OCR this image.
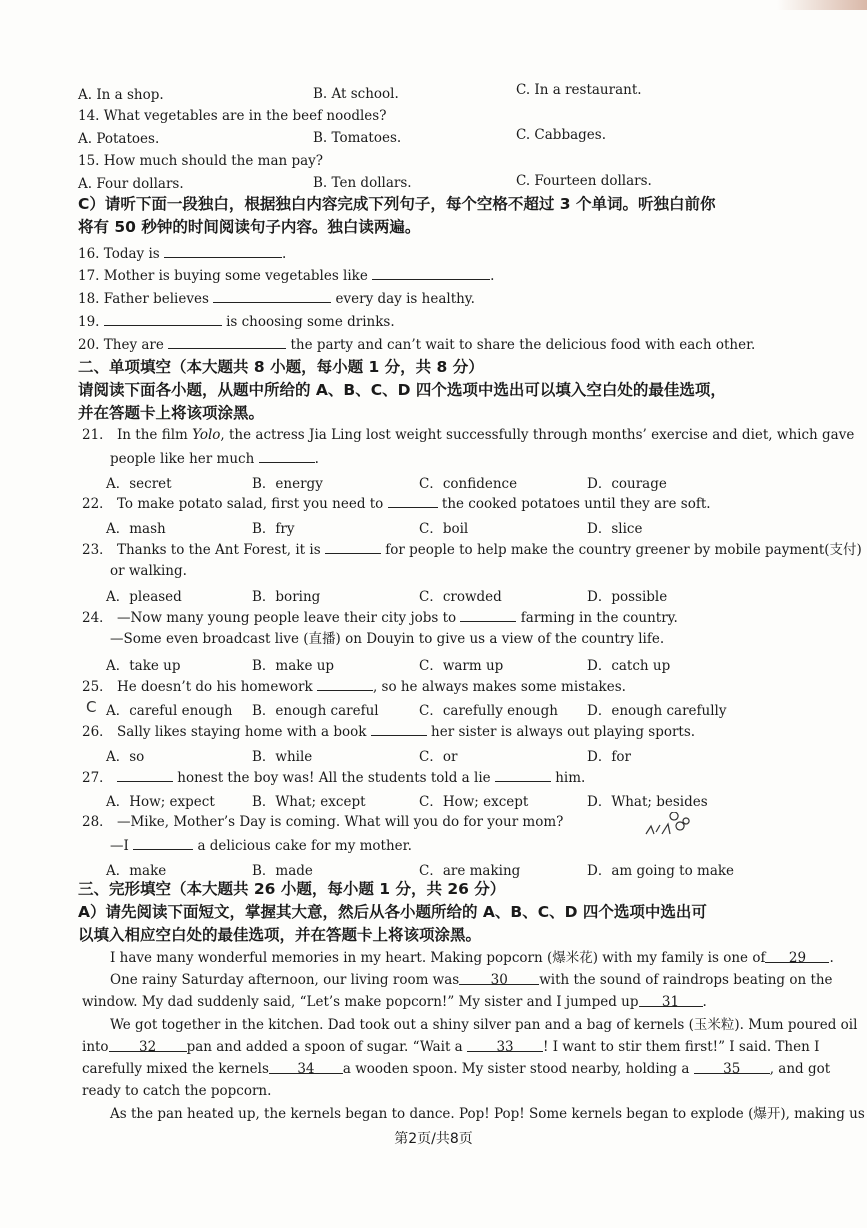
A. In a shop.	B. At school.	C. In a restaurant.
14. What vegetables are in the beef noodles?
A. Potatoes.	B. Tomatoes.	C. Cabbages.
15. How much should the man pay?
A. Four dollars.	B. Ten dollars.	C. Fourteen dollars.
C）请听下面一段独白，根据独白内容完成下列句子，每个空格不超过 3 个单词。听独白前你
将有 50 秒钟的时间阅读句子内容。独白读两遍。
16. Today is	.
17. Mother is buying some vegetables like	.
18. Father believes	every day is healthy.
19.	is choosing some drinks.
20. They are	the party and can’t wait to share the delicious food with each other.
二、单项填空（本大题共 8 小题，每小题 1 分，共 8 分）
请阅读下面各小题，从题中所给的 A、B、C、D 四个选项中选出可以填入空白处的最佳选项，
并在答题卡上将该项涂黑。
21． In the film Yolo, the actress Jia Ling lost weight successfully through months’ exercise and diet, which gave
people like her much	.
A．secret	B．energy	C．confidence	D．courage
22． To make potato salad, first you need to	the cooked potatoes until they are soft.
A．mash	B．fry	C．boil	D．slice
23． Thanks to the Ant Forest, it is	for people to help make the country greener by mobile payment(支付)
or walking.
A．pleased	B．boring	C．crowded	D．possible
24． —Now many young people leave their city jobs to	farming in the country.
—Some even broadcast live (直播) on Douyin to give us a view of the country life.
A．take up	B．make up	C．warm up	D．catch up
25． He doesn’t do his homework	, so he always makes some mistakes.
C A．careful enough B．enough careful	C．carefully enough D．enough carefully
26． Sally likes staying home with a book	her sister is always out playing sports.
A．so	B．while	C．or	D．for
27．	honest the boy was! All the students told a lie	him.
A．How; expect	B．What; except	C．How; except	D．What; besides
28． —Mike, Mother’s Day is coming. What will you do for your mom?
—I	a delicious cake for my mother.
A．make	B．made	C．are making	D．am going to make
三、完形填空（本大题共 26 小题，每小题 1 分，共 26 分）
A）请先阅读下面短文，掌握其大意，然后从各小题所给的 A、B、C、D 四个选项中选出可
以填入相应空白处的最佳选项，并在答题卡上将该项涂黑。
I have many wonderful memories in my heart. Making popcorn (爆米花) with my family is one of 29 .
One rainy Saturday afternoon, our living room was 30 with the sound of raindrops beating on the
window. My dad suddenly said, “Let’s make popcorn!” My sister and I jumped up 31 .
We got together in the kitchen. Dad took out a shiny silver pan and a bag of kernels (玉米粒). Mum poured oil
into 32 pan and added a spoon of sugar. “Wait a 33 ! I want to stir them first!” I said. Then I
carefully mixed the kernels 34 a wooden spoon. My sister stood nearby, holding a 35 , and got
ready to catch the popcorn.
As the pan heated up, the kernels began to dance. Pop! Pop! Some kernels began to explode (爆开), making us
第2页/共8页
